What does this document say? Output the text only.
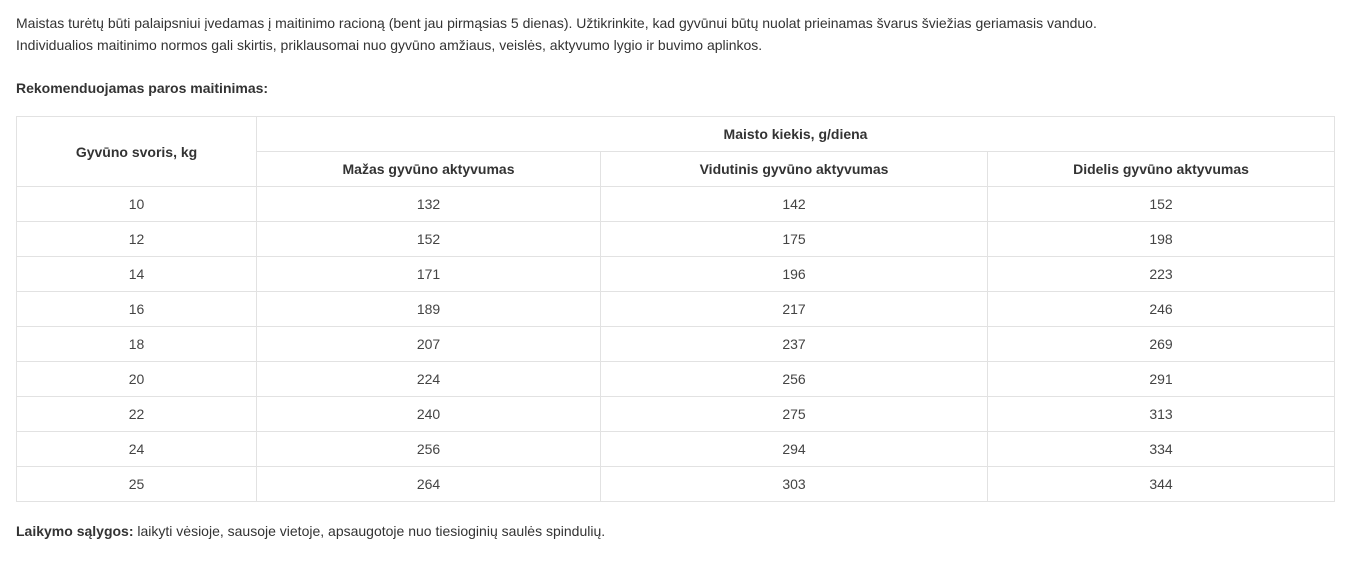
Maistas turėtų būti palaipsniui įvedamas į maitinimo racioną (bent jau pirmąsias 5 dienas). Užtikrinkite, kad gyvūnui būtų nuolat prieinamas švarus šviežias geriamasis vanduo.

Individualios maitinimo normos gali skirtis, priklausomai nuo gyvūno amžiaus, veislės, aktyvumo lygio ir buvimo aplinkos.

Rekomenduojamas paros maitinimas:

Gyvūno svoris, kg	Maisto kiekis, g/diena		
	Mažas gyvūno aktyvumas	Vidutinis gyvūno aktyvumas	Didelis gyvūno aktyvumas
10	132	142	152
12	152	175	198
14	171	196	223
16	189	217	246
18	207	237	269
20	224	256	291
22	240	275	313
24	256	294	334
25	264	303	344

Laikymo sąlygos: laikyti vėsioje, sausoje vietoje, apsaugotoje nuo tiesioginių saulės spindulių.
